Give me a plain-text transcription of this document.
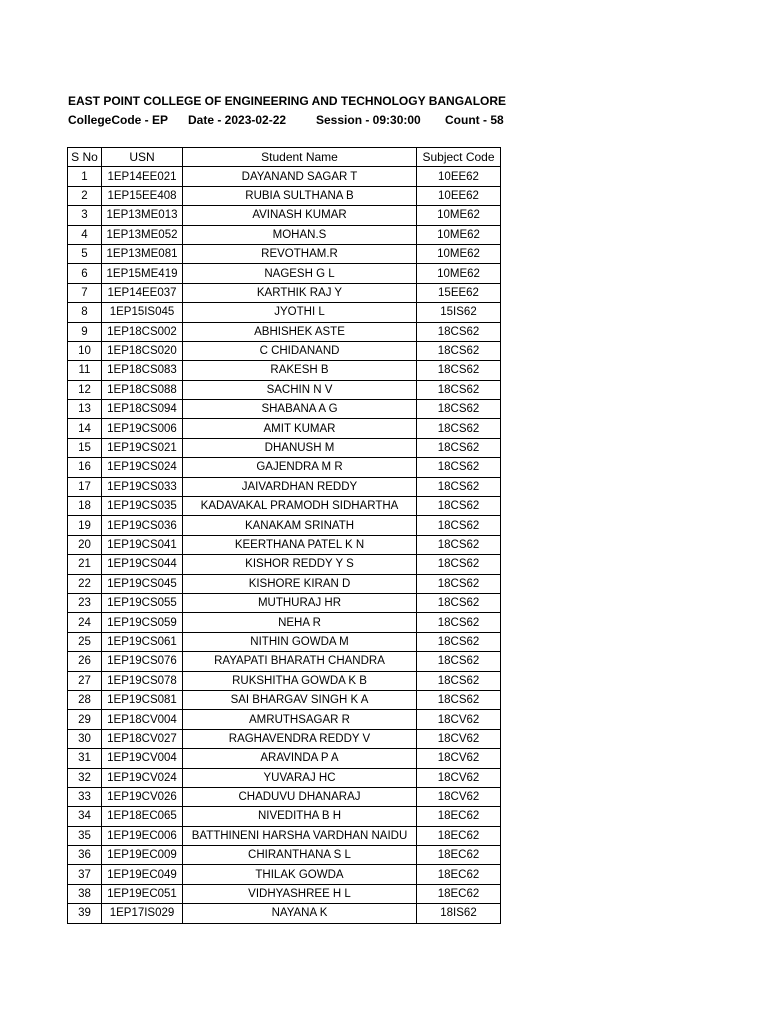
EAST POINT COLLEGE OF ENGINEERING AND TECHNOLOGY BANGALORE
CollegeCode - EP Date - 2023-02-22 Session - 09:30:00 Count - 58
S No	USN	Student Name	Subject Code
1	1EP14EE021	DAYANAND SAGAR T	10EE62
2	1EP15EE408	RUBIA SULTHANA B	10EE62
3	1EP13ME013	AVINASH KUMAR	10ME62
4	1EP13ME052	MOHAN.S	10ME62
5	1EP13ME081	REVOTHAM.R	10ME62
6	1EP15ME419	NAGESH G L	10ME62
7	1EP14EE037	KARTHIK RAJ Y	15EE62
8	1EP15IS045	JYOTHI L	15IS62
9	1EP18CS002	ABHISHEK ASTE	18CS62
10	1EP18CS020	C CHIDANAND	18CS62
11	1EP18CS083	RAKESH B	18CS62
12	1EP18CS088	SACHIN N V	18CS62
13	1EP18CS094	SHABANA A G	18CS62
14	1EP19CS006	AMIT KUMAR	18CS62
15	1EP19CS021	DHANUSH M	18CS62
16	1EP19CS024	GAJENDRA M R	18CS62
17	1EP19CS033	JAIVARDHAN REDDY	18CS62
18	1EP19CS035	KADAVAKAL PRAMODH SIDHARTHA	18CS62
19	1EP19CS036	KANAKAM SRINATH	18CS62
20	1EP19CS041	KEERTHANA PATEL K N	18CS62
21	1EP19CS044	KISHOR REDDY Y S	18CS62
22	1EP19CS045	KISHORE KIRAN D	18CS62
23	1EP19CS055	MUTHURAJ HR	18CS62
24	1EP19CS059	NEHA R	18CS62
25	1EP19CS061	NITHIN GOWDA M	18CS62
26	1EP19CS076	RAYAPATI BHARATH CHANDRA	18CS62
27	1EP19CS078	RUKSHITHA GOWDA K B	18CS62
28	1EP19CS081	SAI BHARGAV SINGH K A	18CS62
29	1EP18CV004	AMRUTHSAGAR R	18CV62
30	1EP18CV027	RAGHAVENDRA REDDY V	18CV62
31	1EP19CV004	ARAVINDA P A	18CV62
32	1EP19CV024	YUVARAJ HC	18CV62
33	1EP19CV026	CHADUVU DHANARAJ	18CV62
34	1EP18EC065	NIVEDITHA B H	18EC62
35	1EP19EC006	BATTHINENI HARSHA VARDHAN NAIDU	18EC62
36	1EP19EC009	CHIRANTHANA S L	18EC62
37	1EP19EC049	THILAK GOWDA	18EC62
38	1EP19EC051	VIDHYASHREE H L	18EC62
39	1EP17IS029	NAYANA K	18IS62
